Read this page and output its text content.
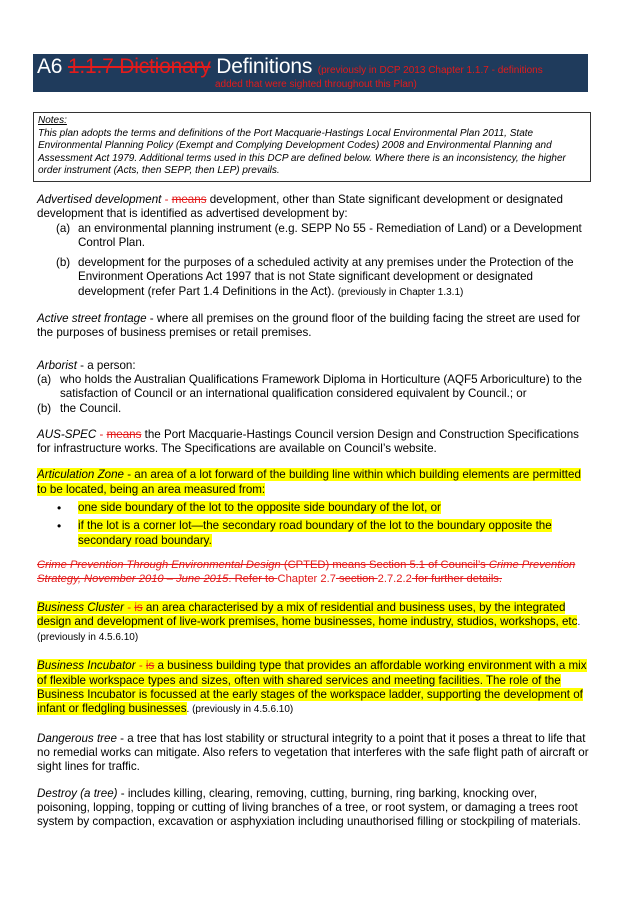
A6 1.1.7 Dictionary Definitions (previously in DCP 2013 Chapter 1.1.7 - definitions
added that were sighted throughout this Plan)
Notes:
This plan adopts the terms and definitions of the Port Macquarie-Hastings Local Environmental Plan 2011, State Environmental Planning Policy (Exempt and Complying Development Codes) 2008 and Environmental Planning and Assessment Act 1979. Additional terms used in this DCP are defined below. Where there is an inconsistency, the higher order instrument (Acts, then SEPP, then LEP) prevails.
Advertised development - means development, other than State significant development or designated development that is identified as advertised development by:
(a) an environmental planning instrument (e.g. SEPP No 55 - Remediation of Land) or a Development Control Plan.
(b) development for the purposes of a scheduled activity at any premises under the Protection of the Environment Operations Act 1997 that is not State significant development or designated development (refer Part 1.4 Definitions in the Act). (previously in Chapter 1.3.1)
Active street frontage - where all premises on the ground floor of the building facing the street are used for the purposes of business premises or retail premises.
Arborist - a person:
(a) who holds the Australian Qualifications Framework Diploma in Horticulture (AQF5 Arboriculture) to the satisfaction of Council or an international qualification considered equivalent by Council.; or
(b) the Council.
AUS-SPEC - means the Port Macquarie-Hastings Council version Design and Construction Specifications for infrastructure works. The Specifications are available on Council’s website.
Articulation Zone - an area of a lot forward of the building line within which building elements are permitted to be located, being an area measured from:
• one side boundary of the lot to the opposite side boundary of the lot, or
• if the lot is a corner lot—the secondary road boundary of the lot to the boundary opposite the secondary road boundary.
Crime Prevention Through Environmental Design (CPTED) means Section 5.1 of Council’s Crime Prevention Strategy, November 2010 – June 2015. Refer to Chapter 2.7 section 2.7.2.2 for further details.
Business Cluster - is an area characterised by a mix of residential and business uses, by the integrated design and development of live-work premises, home businesses, home industry, studios, workshops, etc. (previously in 4.5.6.10)
Business Incubator - is a business building type that provides an affordable working environment with a mix of flexible workspace types and sizes, often with shared services and meeting facilities. The role of the Business Incubator is focussed at the early stages of the workspace ladder, supporting the development of infant or fledgling businesses. (previously in 4.5.6.10)
Dangerous tree - a tree that has lost stability or structural integrity to a point that it poses a threat to life that no remedial works can mitigate. Also refers to vegetation that interferes with the safe flight path of aircraft or sight lines for traffic.
Destroy (a tree) - includes killing, clearing, removing, cutting, burning, ring barking, knocking over, poisoning, lopping, topping or cutting of living branches of a tree, or root system, or damaging a trees root system by compaction, excavation or asphyxiation including unauthorised filling or stockpiling of materials.
